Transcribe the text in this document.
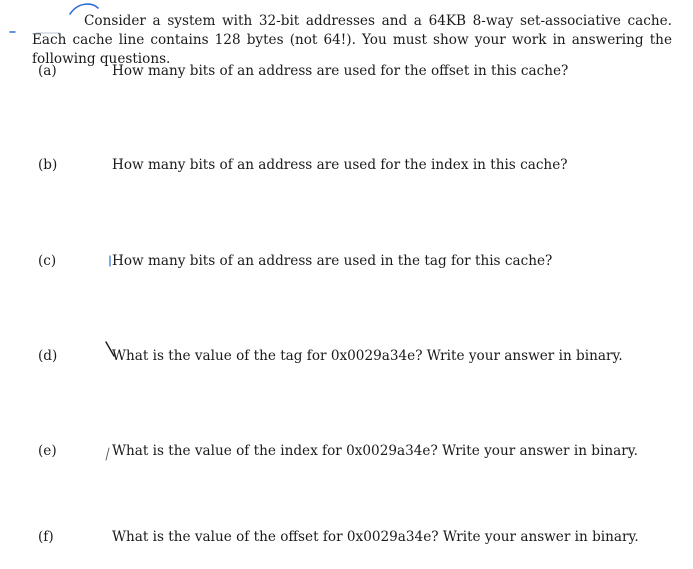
Consider a system with 32-bit addresses and a 64KB 8-way set-associative cache. Each cache line contains 128 bytes (not 64!). You must show your work in answering the following questions.
(a)	How many bits of an address are used for the offset in this cache?
(b)	How many bits of an address are used for the index in this cache?
(c)	How many bits of an address are used in the tag for this cache?
(d)	What is the value of the tag for 0x0029a34e? Write your answer in binary.
(e)	What is the value of the index for 0x0029a34e? Write your answer in binary.
(f)	What is the value of the offset for 0x0029a34e? Write your answer in binary.
